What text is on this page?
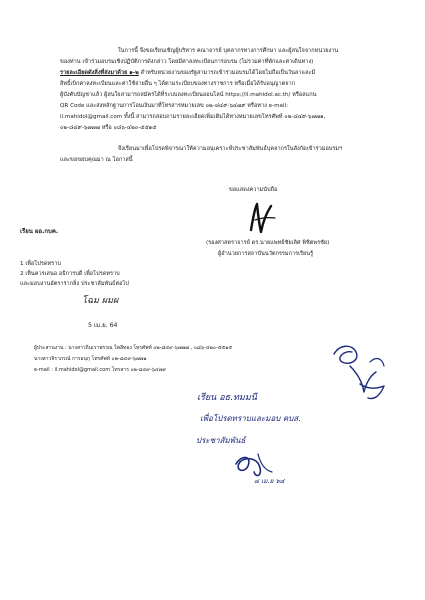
ในการนี้ จึงขอเรียนเชิญผู้บริหาร คณาจารย์ บุคลากรทางการศึกษา และผู้สนใจจากหน่วยงาน

ของท่าน เข้าร่วมอบรมเชิงปฏิบัติการดังกล่าว โดยมีค่าลงทะเบียนการอบรม (ไม่รวมค่าที่พักและค่าเดินทาง)

รายละเอียดดังสิ่งที่ส่งมาด้วย ๑-๒ สำหรับหน่วยงานของรัฐสามารถเข้าร่วมอบรมได้โดยไม่ถือเป็นวันลาและมี

สิทธิ์เบิกค่าลงทะเบียนและค่าใช้จ่ายอื่น ๆ ได้ตามระเบียบของทางราชการ หรือเมื่อได้รับอนุญาตจาก

ผู้บังคับบัญชาแล้ว ผู้สนใจสามารถสมัครได้ที่ระบบลงทะเบียนออนไลน์ https://il.mahidol.ac.th/ หรือสแกน

QR Code และส่งหลักฐานการโอนเงินมาที่โทรสารหมายเลข ๐๒-๘๔๙-๖๔๗๙ หรือทาง e-mail:

il.mahidol@gmail.com ทั้งนี้ สามารถสอบถามรายละเอียดเพิ่มเติมได้ทางหมายเลขโทรศัพท์ ๐๒-๘๔๙-๖๗๗๑,

๐๒-๘๔๙-๖๗๗๗ หรือ ๐๘๖-๔๒๐-๕๕๑๕

จึงเรียนมาเพื่อโปรดพิจารณาให้ความอนุเคราะห์ประชาสัมพันธ์บุคลากรในสังกัดเข้าร่วมอบรมฯ

และขอขอบคุณมา ณ โอกาสนี้

ขอแสดงความนับถือ

(รองศาสตราจารย์ ดร.นายแพทย์ชัยเลิศ พิชิตพรชัย)

ผู้อำนวยการสถาบันนวัตกรรมการเรียนรู้

เรียน ผอ.กบค.

1 เพื่อโปรดทราบ

2 เห็นควรเสนอ อธิการบดี เพื่อโปรดทราบ

และมอบงานอัตราร่ากลิ่ง ประชาสัมพันธ์ต่อไป

โฉม ผมผ

5 เม.ย. 64

ผู้ประสานงาน : นางสาวถิ่นเราพรรณ ไพลีทอง โทรศัพท์ ๐๒-๘๔๙-๖๗๗๗ , ๐๘๖-๔๒๐-๕๕๑๕

นางสาวจิราภรณ์ การอนุกุ โทรศัพท์ ๐๒-๘๔๙-๖๗๗๑

e-mail : il.mahidol@gmail.com โทรสาร ๐๒-๘๔๙-๖๔๗๙

เรียน อธ.ทมมนี
เพื่อโปรดทราบและมอบ คบส.
ประชาสัมพันธ์
๘ เม.ย ๖๔
